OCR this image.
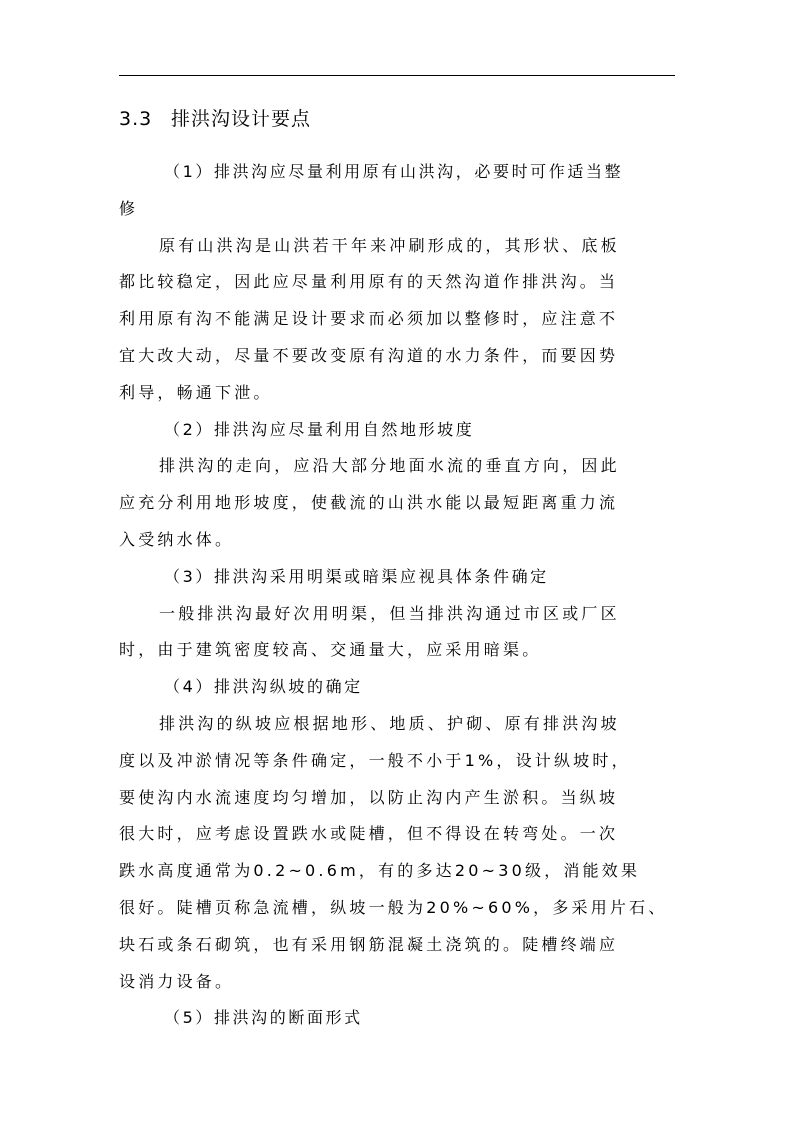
3.3 排洪沟设计要点
（1）排洪沟应尽量利用原有山洪沟，必要时可作适当整
修
原有山洪沟是山洪若干年来冲刷形成的，其形状、底板
都比较稳定，因此应尽量利用原有的天然沟道作排洪沟。当
利用原有沟不能满足设计要求而必须加以整修时，应注意不
宜大改大动，尽量不要改变原有沟道的水力条件，而要因势
利导，畅通下泄。
（2）排洪沟应尽量利用自然地形坡度
排洪沟的走向，应沿大部分地面水流的垂直方向，因此
应充分利用地形坡度，使截流的山洪水能以最短距离重力流
入受纳水体。
（3）排洪沟采用明渠或暗渠应视具体条件确定
一般排洪沟最好次用明渠，但当排洪沟通过市区或厂区
时，由于建筑密度较高、交通量大，应采用暗渠。
（4）排洪沟纵坡的确定
排洪沟的纵坡应根据地形、地质、护砌、原有排洪沟坡
度以及冲淤情况等条件确定，一般不小于1%，设计纵坡时，
要使沟内水流速度均匀增加，以防止沟内产生淤积。当纵坡
很大时，应考虑设置跌水或陡槽，但不得设在转弯处。一次
跌水高度通常为0.2~0.6m，有的多达20~30级，消能效果
很好。陡槽页称急流槽，纵坡一般为20%~60%，多采用片石、
块石或条石砌筑，也有采用钢筋混凝土浇筑的。陡槽终端应
设消力设备。
（5）排洪沟的断面形式
